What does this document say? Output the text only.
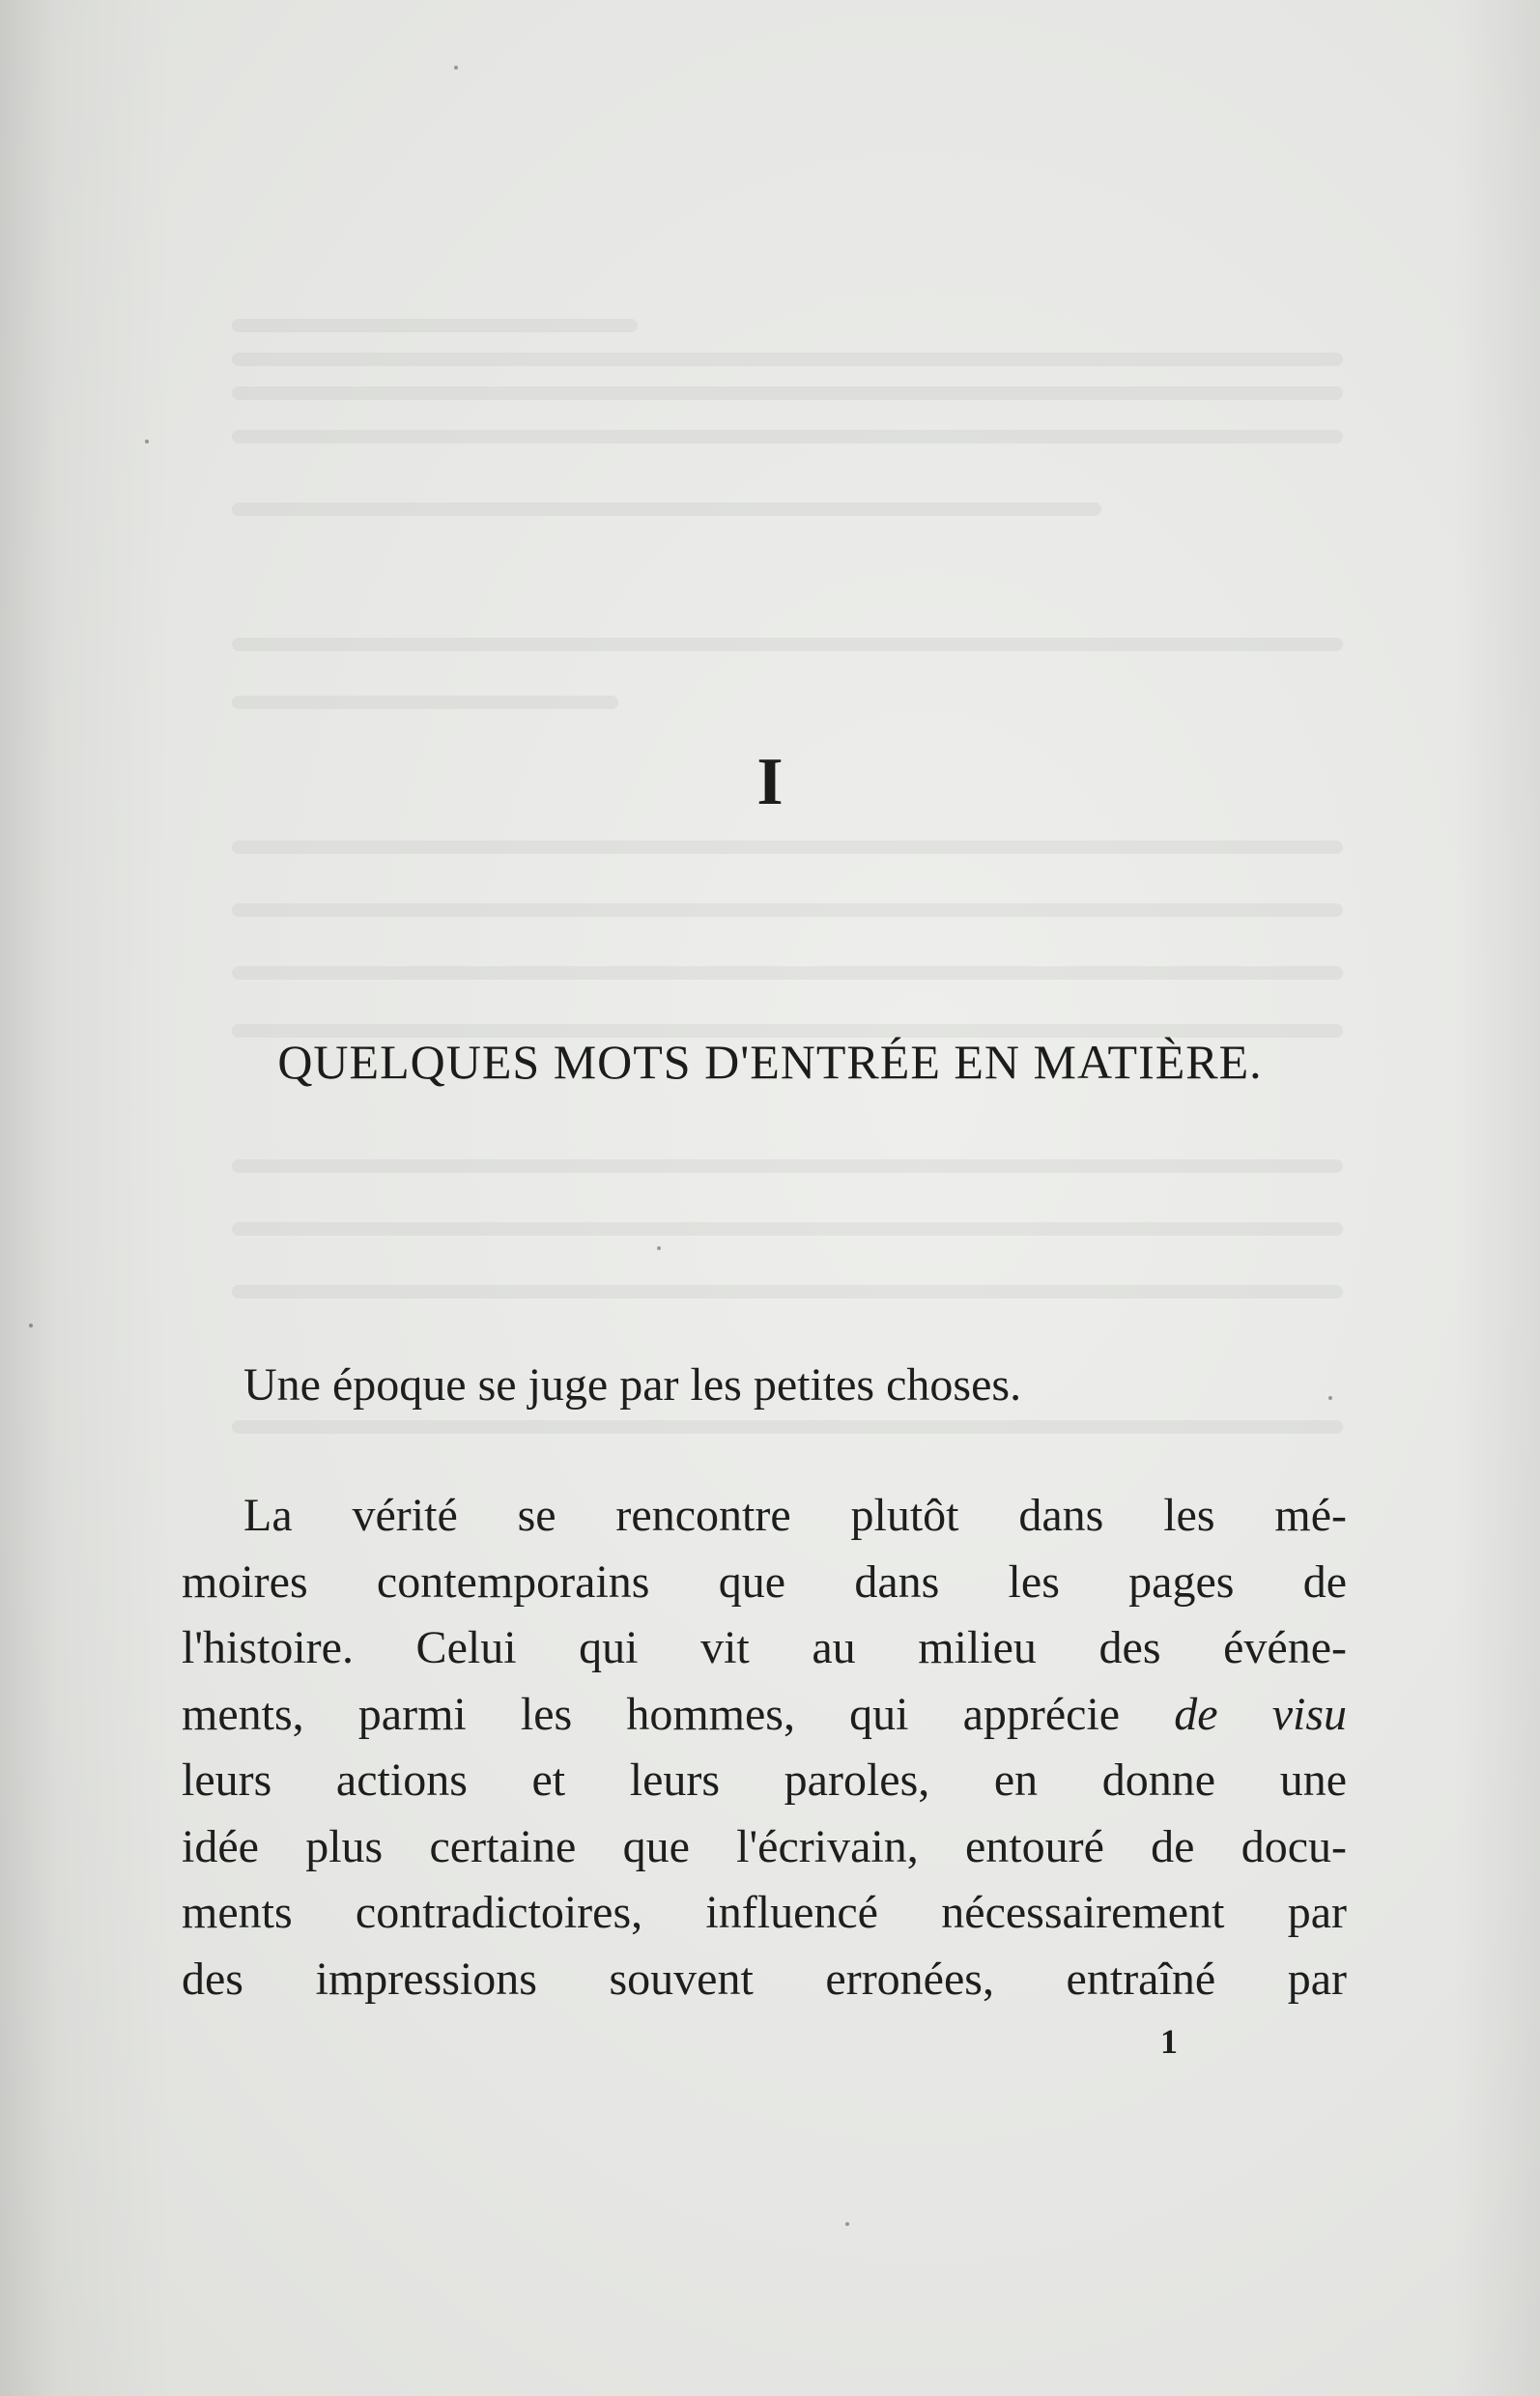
I
QUELQUES MOTS D'ENTRÉE EN MATIÈRE.

Une époque se juge par les petites choses.

La vérité se rencontre plutôt dans les mé-
moires contemporains que dans les pages de
l'histoire. Celui qui vit au milieu des événe-
ments, parmi les hommes, qui apprécie de visu
leurs actions et leurs paroles, en donne une
idée plus certaine que l'écrivain, entouré de docu-
ments contradictoires, influencé nécessairement par
des impressions souvent erronées, entraîné par
1
